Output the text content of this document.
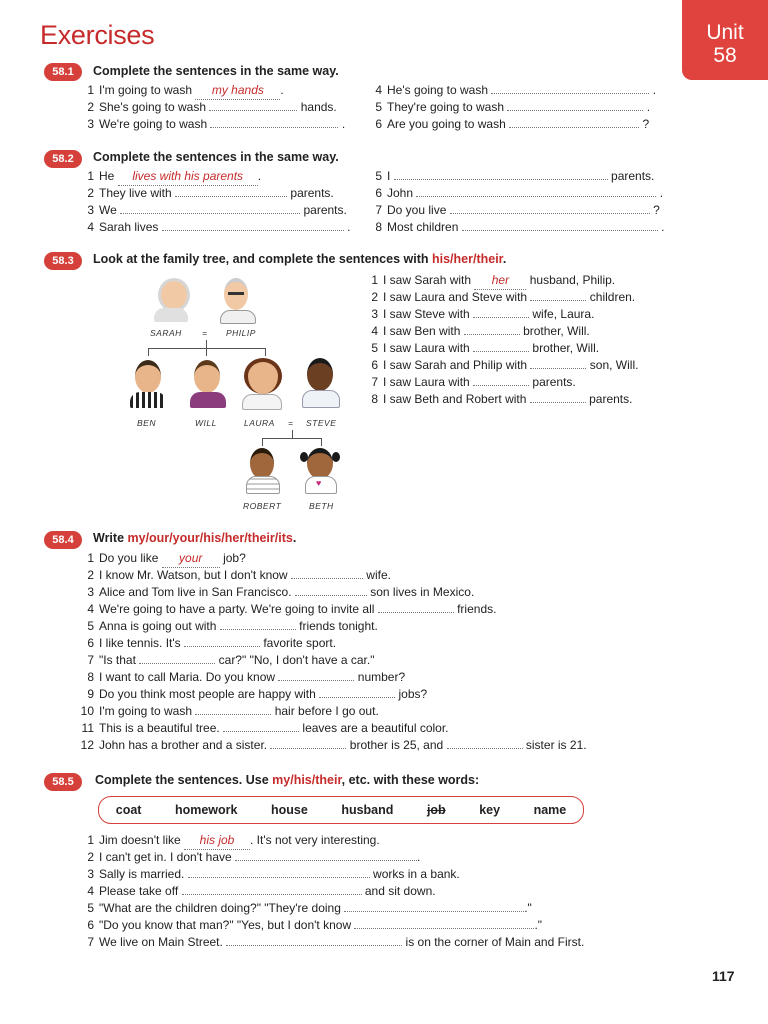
Exercises	Unit
58
58.1	Complete the sentences in the same way.
1 I'm going to wash my hands .
2 She's going to wash	hands.
3 We're going to wash	.
4 He's going to wash	.
5 They're going to wash	.
6 Are you going to wash	?
58.2	Complete the sentences in the same way.
1 He lives with his parents .
2 They live with	parents.
3 We	parents.
4 Sarah lives	.
5 I	parents.
6 John	.
7 Do you live	?
8 Most children	.
58.3	Look at the family tree, and complete the sentences with his/her/their.
SARAH = PHILIP
BEN	WILL	LAURA = STEVE
♥
ROBERT	BETH
1 I saw Sarah with her husband, Philip.
2 I saw Laura and Steve with	children.
3 I saw Steve with	wife, Laura.
4 I saw Ben with	brother, Will.
5 I saw Laura with	brother, Will.
6 I saw Sarah and Philip with	son, Will.
7 I saw Laura with	parents.
8 I saw Beth and Robert with	parents.
58.4	Write my/our/your/his/her/their/its.
1 Do you like your job?
2 I know Mr. Watson, but I don't know	wife.
3 Alice and Tom live in San Francisco.	son lives in Mexico.
4 We're going to have a party. We're going to invite all	friends.
5 Anna is going out with	friends tonight.
6 I like tennis. It's	favorite sport.
7 "Is that	car?" "No, I don't have a car."
8 I want to call Maria. Do you know	number?
9 Do you think most people are happy with	jobs?
10 I'm going to wash	hair before I go out.
11 This is a beautiful tree.	leaves are a beautiful color.
12 John has a brother and a sister.	brother is 25, and	sister is 21.
58.5	Complete the sentences. Use my/his/their, etc. with these words:
coat	homework	house	husband	job	key	name
1 Jim doesn't like his job . It's not very interesting.
2 I can't get in. I don't have	.
3 Sally is married.	works in a bank.
4 Please take off	and sit down.
5 "What are the children doing?" "They're doing	."
6 "Do you know that man?" "Yes, but I don't know	."
7 We live on Main Street.	is on the corner of Main and First.
117
